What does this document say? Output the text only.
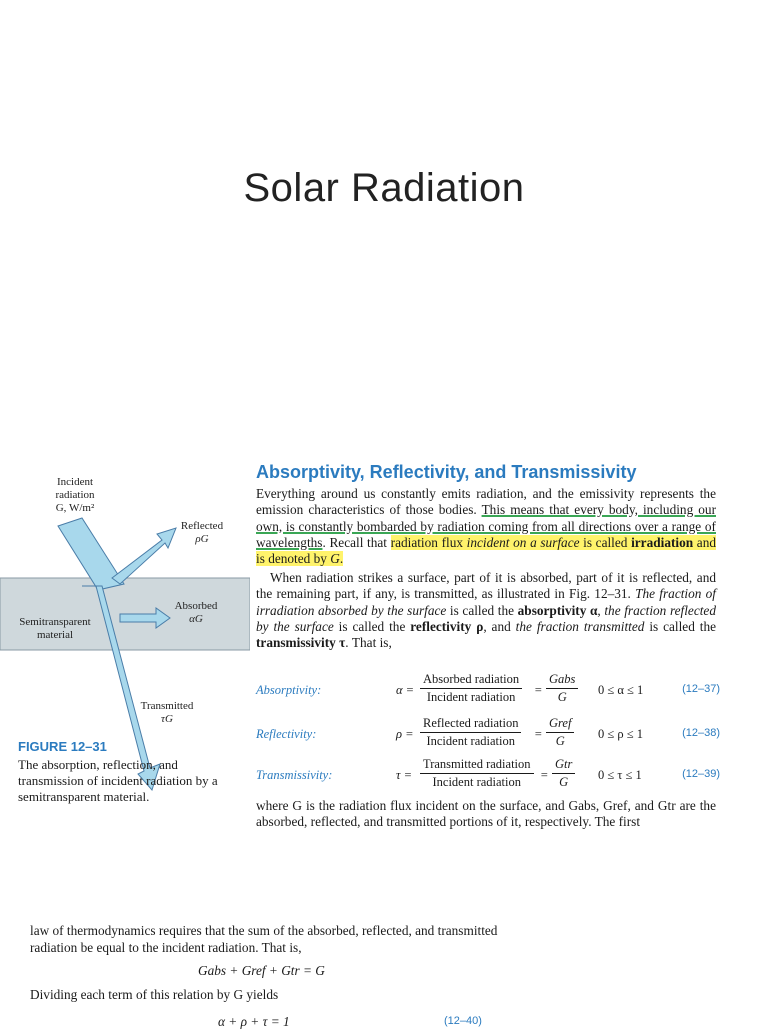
Solar Radiation
Incident
radiation
G, W/m²
Reflected
ρG
Absorbed
αG
Semitransparent
material
Transmitted
τG
FIGURE 12–31
The absorption, reflection, and transmission of incident radiation by a semitransparent material.
Absorptivity, Reflectivity, and Transmissivity
Everything around us constantly emits radiation, and the emissivity represents the emission characteristics of those bodies. This means that every body, including our own, is constantly bombarded by radiation coming from all directions over a range of wavelengths. Recall that radiation flux incident on a surface is called irradiation and is denoted by G.
When radiation strikes a surface, part of it is absorbed, part of it is reflected, and the remaining part, if any, is transmitted, as illustrated in Fig. 12–31. The fraction of irradiation absorbed by the surface is called the absorptivity α, the fraction reflected by the surface is called the reflectivity ρ, and the fraction transmitted is called the transmissivity τ. That is,
Absorptivity:	α =
Absorbed radiation
Incident radiation =
Gabs
G	0 ≤ α ≤ 1	(12–37)
Reflectivity:	ρ =
Reflected radiation
Incident radiation =
Gref
G	0 ≤ ρ ≤ 1	(12–38)
Transmissivity:	τ =
Transmitted radiation
Incident radiation =
Gtr
G 0 ≤ τ ≤ 1	(12–39)
where G is the radiation flux incident on the surface, and Gabs, Gref, and Gtr are the absorbed, reflected, and transmitted portions of it, respectively. The first
law of thermodynamics requires that the sum of the absorbed, reflected, and transmitted radiation be equal to the incident radiation. That is,
Gabs + Gref + Gtr = G
Dividing each term of this relation by G yields
α + ρ + τ = 1	(12–40)
